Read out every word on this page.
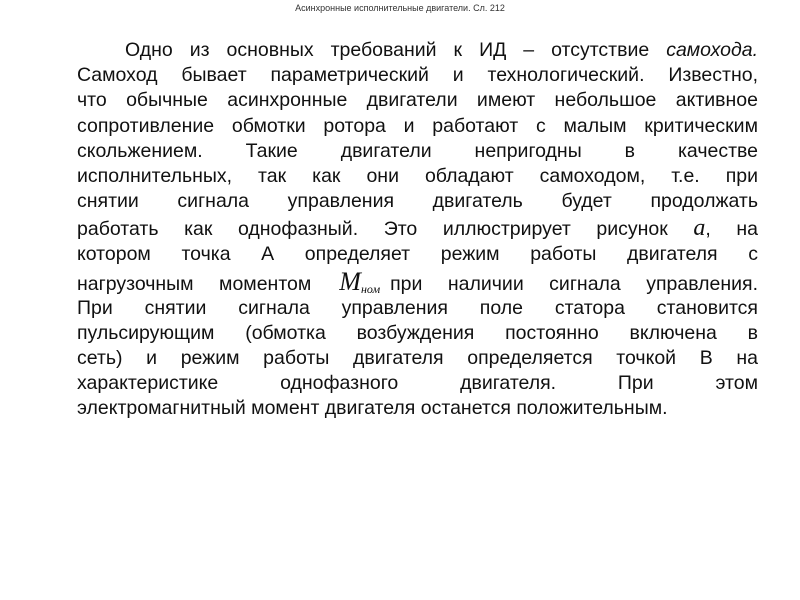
Асинхронные исполнительные двигатели. Сл. 212
Одно из основных требований к ИД – отсутствие самохода.
Самоход бывает параметрический и технологический. Известно,
что обычные асинхронные двигатели имеют небольшое активное
сопротивление обмотки ротора и работают с малым критическим
скольжением. Такие двигатели непригодны в качестве
исполнительных, так как они обладают самоходом, т.е. при
снятии сигнала управления двигатель будет продолжать
работать как однофазный. Это иллюстрирует рисунок а, на
котором точка А определяет режим работы двигателя с
нагрузочным моментом Mном при наличии сигнала управления.
При снятии сигнала управления поле статора становится
пульсирующим (обмотка возбуждения постоянно включена в
сеть) и режим работы двигателя определяется точкой В на
характеристике однофазного двигателя. При этом
электромагнитный момент двигателя останется положительным.
